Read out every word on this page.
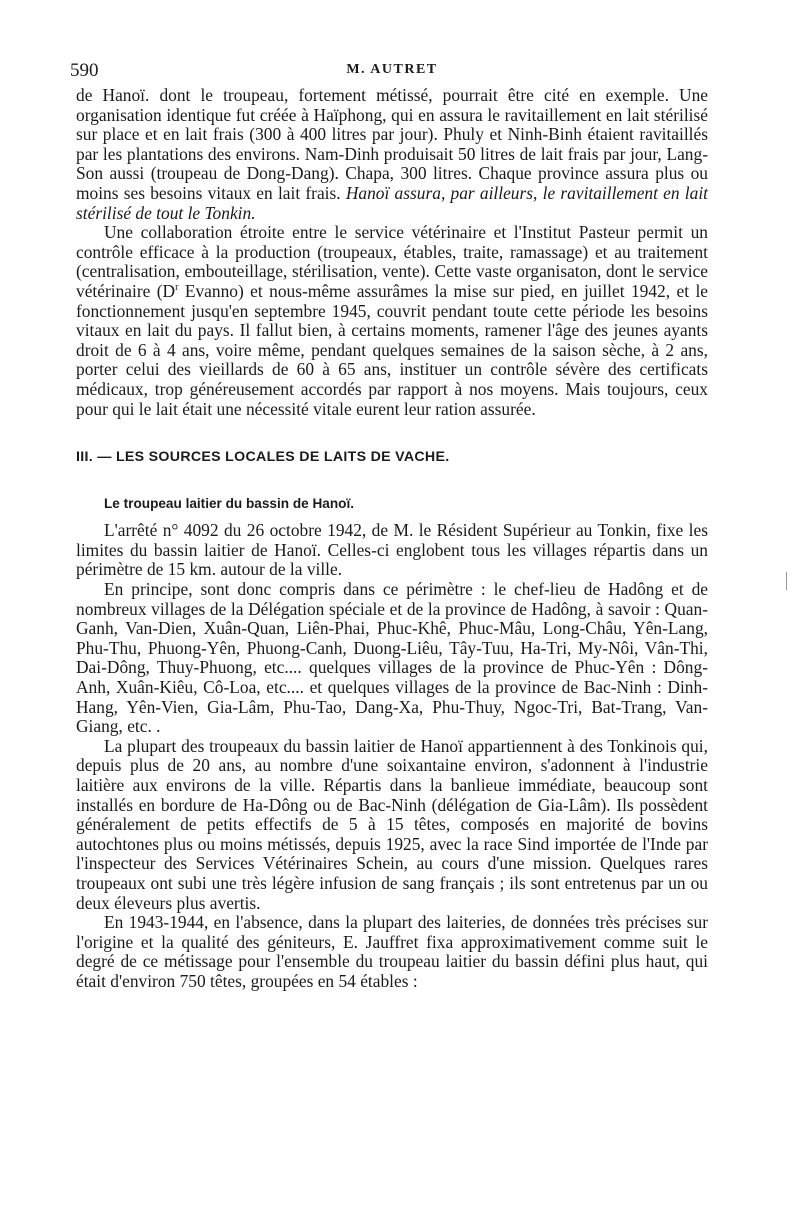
590	M. AUTRET

de Hanoï. dont le troupeau, fortement métissé, pourrait être cité en exemple. Une organisation identique fut créée à Haïphong, qui en assura le ravitaillement en lait stérilisé sur place et en lait frais (300 à 400 litres par jour). Phuly et Ninh-Binh étaient ravitaillés par les plantations des environs. Nam-Dinh produisait 50 litres de lait frais par jour, Lang-Son aussi (troupeau de Dong-Dang). Chapa, 300 litres. Chaque province assura plus ou moins ses besoins vitaux en lait frais. Hanoï assura, par ailleurs, le ravitaillement en lait stérilisé de tout le Tonkin.

Une collaboration étroite entre le service vétérinaire et l'Institut Pasteur permit un contrôle efficace à la production (troupeaux, étables, traite, ramassage) et au traitement (centralisation, embouteillage, stérilisation, vente). Cette vaste organisaton, dont le service vétérinaire ($D^r$ Evanno) et nous-même assurâmes la mise sur pied, en juillet 1942, et le fonctionnement jusqu'en septembre 1945, couvrit pendant toute cette période les besoins vitaux en lait du pays. Il fallut bien, à certains moments, ramener l'âge des jeunes ayants droit de 6 à 4 ans, voire même, pendant quelques semaines de la saison sèche, à 2 ans, porter celui des vieillards de 60 à 65 ans, instituer un contrôle sévère des certificats médicaux, trop généreusement accordés par rapport à nos moyens. Mais toujours, ceux pour qui le lait était une nécessité vitale eurent leur ration assurée.

III. — LES SOURCES LOCALES DE LAITS DE VACHE.
Le troupeau laitier du bassin de Hanoï.

L'arrêté n° 4092 du 26 octobre 1942, de M. le Résident Supérieur au Tonkin, fixe les limites du bassin laitier de Hanoï. Celles-ci englobent tous les villages répartis dans un périmètre de 15 km. autour de la ville.

En principe, sont donc compris dans ce périmètre : le chef-lieu de Hadông et de nombreux villages de la Délégation spéciale et de la province de Hadông, à savoir : Quan-Ganh, Van-Dien, Xuân-Quan, Liên-Phai, Phuc-Khê, Phuc-Mâu, Long-Châu, Yên-Lang, Phu-Thu, Phuong-Yên, Phuong-Canh, Duong-Liêu, Tây-Tuu, Ha-Tri, My-Nôi, Vân-Thi, Dai-Dông, Thuy-Phuong, etc.... quelques villages de la province de Phuc-Yên : Dông-Anh, Xuân-Kiêu, Cô-Loa, etc.... et quelques villages de la province de Bac-Ninh : Dinh-Hang, Yên-Vien, Gia-Lâm, Phu-Tao, Dang-Xa, Phu-Thuy, Ngoc-Tri, Bat-Trang, Van-Giang, etc. .

La plupart des troupeaux du bassin laitier de Hanoï appartiennent à des Tonkinois qui, depuis plus de 20 ans, au nombre d'une soixantaine environ, s'adonnent à l'industrie laitière aux environs de la ville. Répartis dans la banlieue immédiate, beaucoup sont installés en bordure de Ha-Dông ou de Bac-Ninh (délégation de Gia-Lâm). Ils possèdent généralement de petits effectifs de 5 à 15 têtes, composés en majorité de bovins autochtones plus ou moins métissés, depuis 1925, avec la race Sind importée de l'Inde par l'inspecteur des Services Vétérinaires Schein, au cours d'une mission. Quelques rares troupeaux ont subi une très légère infusion de sang français ; ils sont entretenus par un ou deux éleveurs plus avertis.

En 1943-1944, en l'absence, dans la plupart des laiteries, de données très précises sur l'origine et la qualité des géniteurs, E. Jauffret fixa approximativement comme suit le degré de ce métissage pour l'ensemble du troupeau laitier du bassin défini plus haut, qui était d'environ 750 têtes, groupées en 54 étables :
